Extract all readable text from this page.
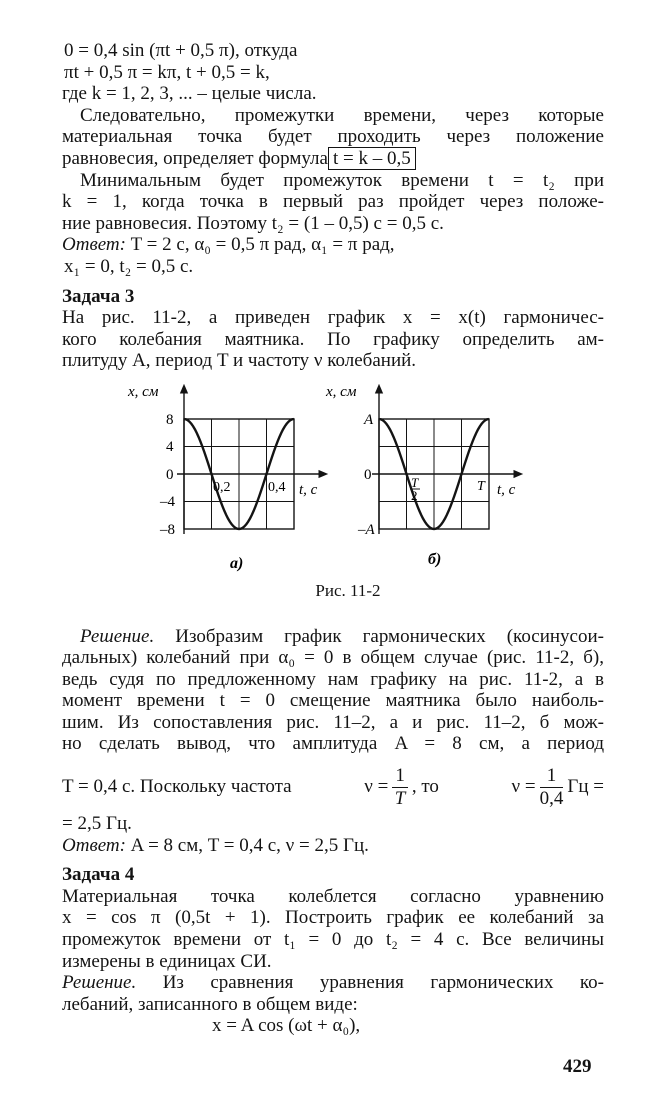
0 = 0,4 sin (πt + 0,5 π), откуда
πt + 0,5 π = kπ, t + 0,5 = k,
где k = 1, 2, 3, ... – целые числа.
Следовательно, промежутки времени, через которые
материальная точка будет проходить через положение
равновесия, определяет формула t = k – 0,5
Минимальным будет промежуток времени t = t₂ при
k = 1, когда точка в первый раз пройдет через положе-
ние равновесия. Поэтому t₂ = (1 – 0,5) с = 0,5 с.
Ответ: T = 2 с, α₀ = 0,5 π рад, α₁ = π рад,
x₁ = 0, t₂ = 0,5 с.
Задача 3
На рис. 11-2, а приведен график x = x(t) гармоничес-
кого колебания маятника. По графику определить ам-
плитуду A, период T и частоту ν колебаний.
x, см
8
4
0
–4
–8
0,2	0,4 t, с
а)
x, см
A
0
–A
T
2
T t, с
б)
Рис. 11-2
Решение. Изобразим график гармонических (косинусои-
дальных) колебаний при α₀ = 0 в общем случае (рис. 11-2, б),
ведь судя по предложенному нам графику на рис. 11-2, а в
момент времени t = 0 смещение маятника было наиболь-
шим. Из сопоставления рис. 11–2, а и рис. 11–2, б мож-
но сделать вывод, что амплитуда A = 8 см, а период
T = 0,4 с. Поскольку частота	$\nu = \frac{1}{T}$ , то	$\nu = \frac{1}{0,4}$ Гц =
= 2,5 Гц.
Ответ: A = 8 см, T = 0,4 с, ν = 2,5 Гц.
Задача 4
Материальная точка колеблется согласно уравнению
x = cos π (0,5t + 1). Построить график ее колебаний за
промежуток времени от t₁ = 0 до t₂ = 4 с. Все величины
измерены в единицах СИ.
Решение. Из сравнения уравнения гармонических ко-
лебаний, записанного в общем виде:
x = A cos (ωt + α₀),
429
